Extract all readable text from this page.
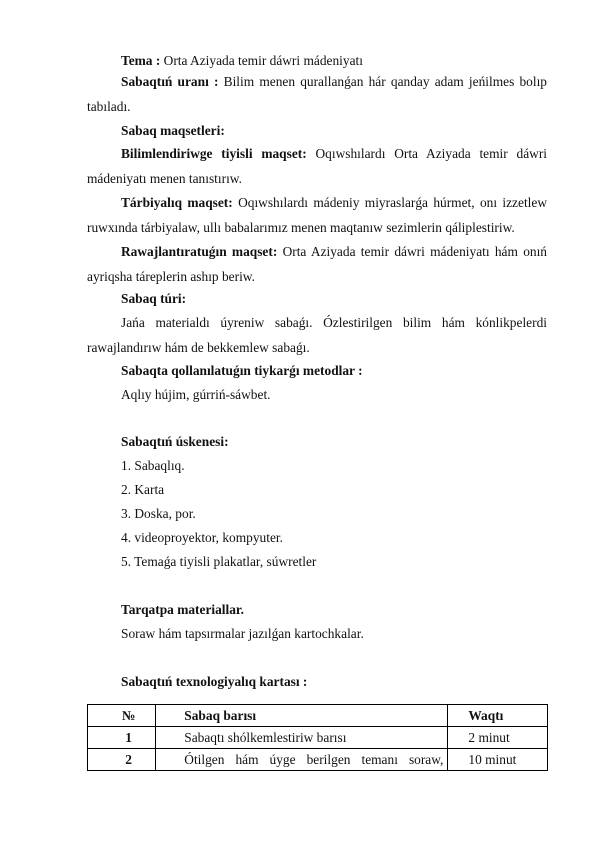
Tema : Orta Aziyada temir dáwri mádeniyatı
Sabaqtıń uranı : Bilim menen qurallanǵan hár qanday adam jeńilmes bolıp
tabıladı.
Sabaq maqsetleri:
Bilimlendiriwge tiyisli maqset: Oqıwshılardı Orta Aziyada temir dáwri
mádeniyatı menen tanıstırıw.
Tárbiyalıq maqset: Oqıwshılardı mádeniy miyraslarǵa húrmet, onı izzetlew
ruwxında tárbiyalaw, ullı babalarımız menen maqtanıw sezimlerin qáliplestiriw.
Rawajlantıratuǵın maqset: Orta Aziyada temir dáwri mádeniyatı hám onıń
ayriqsha táreplerin ashıp beriw.
Sabaq túri:
Jańa materialdı úyreniw sabaǵı. Ózlestirilgen bilim hám kónlikpelerdi
rawajlandırıw hám de bekkemlew sabaǵı.
Sabaqta qollanılatuǵın tiykarǵı metodlar :
Aqlıy hújim, gúrriń-sáwbet.
Sabaqtıń úskenesi:
1. Sabaqlıq.
2. Karta
3. Doska, por.
4. videoproyektor, kompyuter.
5. Temaǵa tiyisli plakatlar, súwretler
Tarqatpa materiallar.
Soraw hám tapsırmalar jazılǵan kartochkalar.
Sabaqtıń texnologiyalıq kartası :
№	Sabaq barısı	Waqtı
1	Sabaqtı shólkemlestiriw barısı	2 minut
2	Ótilgen hám úyge berilgen temanı soraw,	10 minut
